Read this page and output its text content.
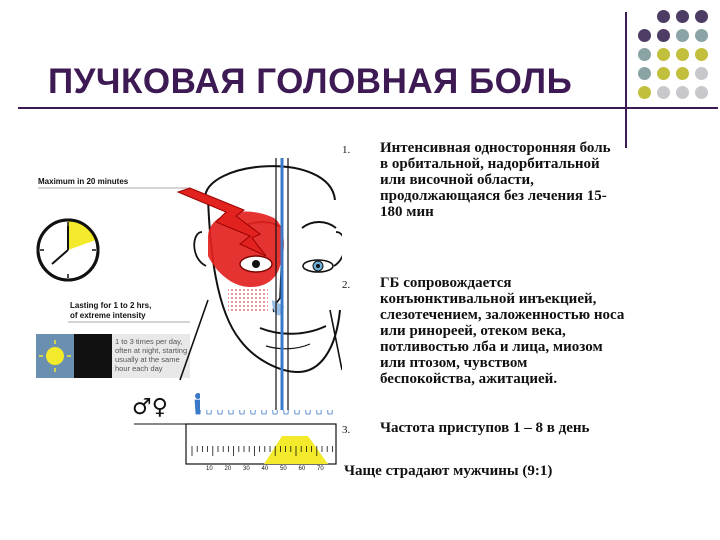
ПУЧКОВАЯ ГОЛОВНАЯ БОЛЬ
Maximum in 20 minutes
Lasting for 1 to 2 hrs, of extreme intensity
1 to 3 times per day, often at night, starting usually at the same hour each day
♂♀
10 20 30 40 50 60 70
1. Интенсивная односторонняя боль
в орбитальной, надорбитальной
или височной области,
продолжающаяся без лечения 15-
180 мин
2. ГБ сопровождается
конъюнктивальной инъекцией,
слезотечением, заложенностью носа
или ринореей, отеком века,
потливостью лба и лица, миозом
или птозом, чувством
беспокойства, ажитацией.
3. Частота приступов 1 – 8 в день
Чаще страдают мужчины (9:1)
